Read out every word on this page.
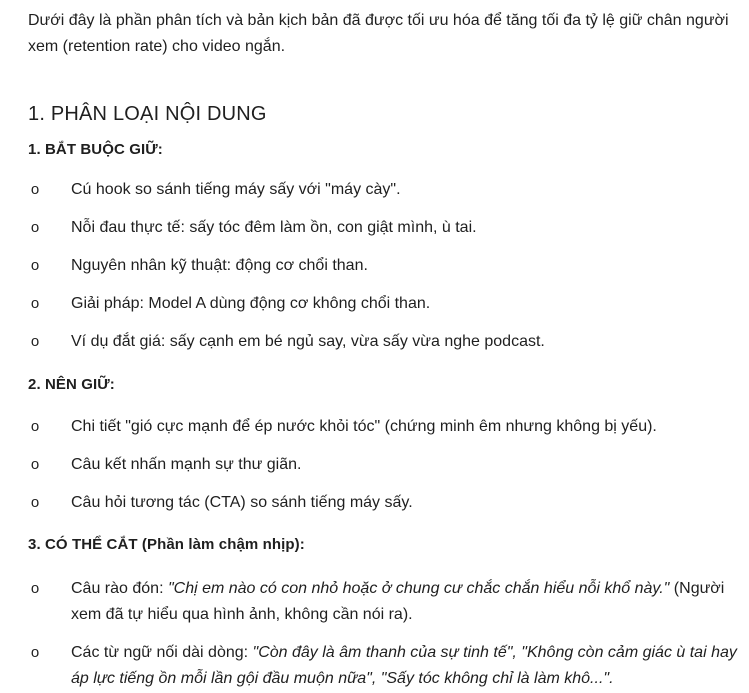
Dưới đây là phần phân tích và bản kịch bản đã được tối ưu hóa để tăng tối đa tỷ lệ giữ chân người xem (retention rate) cho video ngắn.

1. PHÂN LOẠI NỘI DUNG
1. BẮT BUỘC GIỮ:
o Cú hook so sánh tiếng máy sấy với "máy cày".
o Nỗi đau thực tế: sấy tóc đêm làm ồn, con giật mình, ù tai.
o Nguyên nhân kỹ thuật: động cơ chổi than.
o Giải pháp: Model A dùng động cơ không chổi than.
o Ví dụ đắt giá: sấy cạnh em bé ngủ say, vừa sấy vừa nghe podcast.
2. NÊN GIỮ:
o Chi tiết "gió cực mạnh để ép nước khỏi tóc" (chứng minh êm nhưng không bị yếu).
o Câu kết nhấn mạnh sự thư giãn.
o Câu hỏi tương tác (CTA) so sánh tiếng máy sấy.
3. CÓ THỂ CẮT (Phần làm chậm nhịp):
o Câu rào đón: "Chị em nào có con nhỏ hoặc ở chung cư chắc chắn hiểu nỗi khổ này." (Người xem đã tự hiểu qua hình ảnh, không cần nói ra).
o Các từ ngữ nối dài dòng: "Còn đây là âm thanh của sự tinh tế", "Không còn cảm giác ù tai hay áp lực tiếng ồn mỗi lần gội đầu muộn nữa", "Sấy tóc không chỉ là làm khô...".
